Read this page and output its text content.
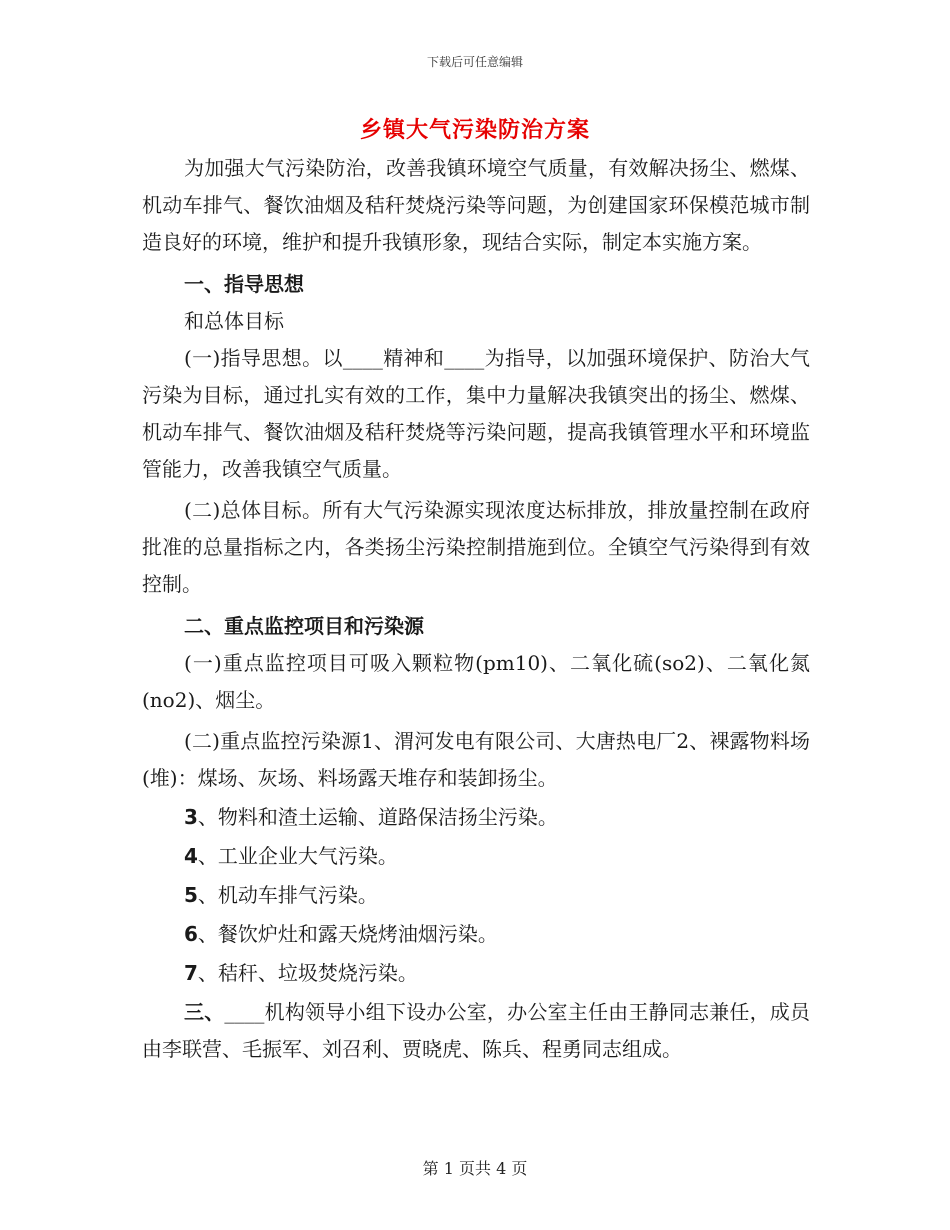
下载后可任意编辑
乡镇大气污染防治方案

为加强大气污染防治，改善我镇环境空气质量，有效解决扬尘、燃煤、机动车排气、餐饮油烟及秸秆焚烧污染等问题，为创建国家环保模范城市制造良好的环境，维护和提升我镇形象，现结合实际，制定本实施方案。

一、指导思想

和总体目标

(一)指导思想。以____精神和____为指导，以加强环境保护、防治大气污染为目标，通过扎实有效的工作，集中力量解决我镇突出的扬尘、燃煤、机动车排气、餐饮油烟及秸秆焚烧等污染问题，提高我镇管理水平和环境监管能力，改善我镇空气质量。

(二)总体目标。所有大气污染源实现浓度达标排放，排放量控制在政府批准的总量指标之内，各类扬尘污染控制措施到位。全镇空气污染得到有效控制。

二、重点监控项目和污染源

(一)重点监控项目可吸入颗粒物(pm10)、二氧化硫(so2)、二氧化氮(no2)、烟尘。

(二)重点监控污染源1、渭河发电有限公司、大唐热电厂2、裸露物料场(堆)：煤场、灰场、料场露天堆存和装卸扬尘。

3、物料和渣土运输、道路保洁扬尘污染。

4、工业企业大气污染。

5、机动车排气污染。

6、餐饮炉灶和露天烧烤油烟污染。

7、秸秆、垃圾焚烧污染。

三、____机构领导小组下设办公室，办公室主任由王静同志兼任，成员由李联营、毛振军、刘召利、贾晓虎、陈兵、程勇同志组成。

第 1 页共 4 页
